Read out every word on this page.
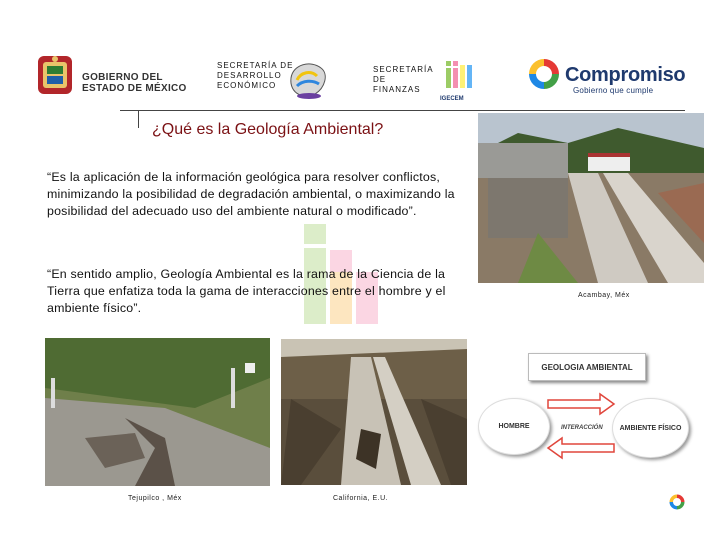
GOBIERNO DEL
ESTADO DE MÉXICO
SECRETARÍA DE
DESARROLLO
ECONÓMICO
SECRETARÍA
DE
FINANZAS
IGECEM
Compromiso
Gobierno que cumple
¿Qué es la Geología Ambiental?
“Es la aplicación de la información geológica para resolver conflictos, minimizando la posibilidad de degradación ambiental, o maximizando la posibilidad del adecuado uso del ambiente natural o modificado”.
“En sentido amplio, Geología Ambiental es la rama de la Ciencia de la Tierra que enfatiza toda la gama de interacciones entre el hombre y el ambiente físico”.
Acambay, Méx
Tejupilco , Méx	California, E.U.
GEOLOGIA AMBIENTAL
HOMBRE	AMBIENTE FÍSICO
INTERACCIÓN
